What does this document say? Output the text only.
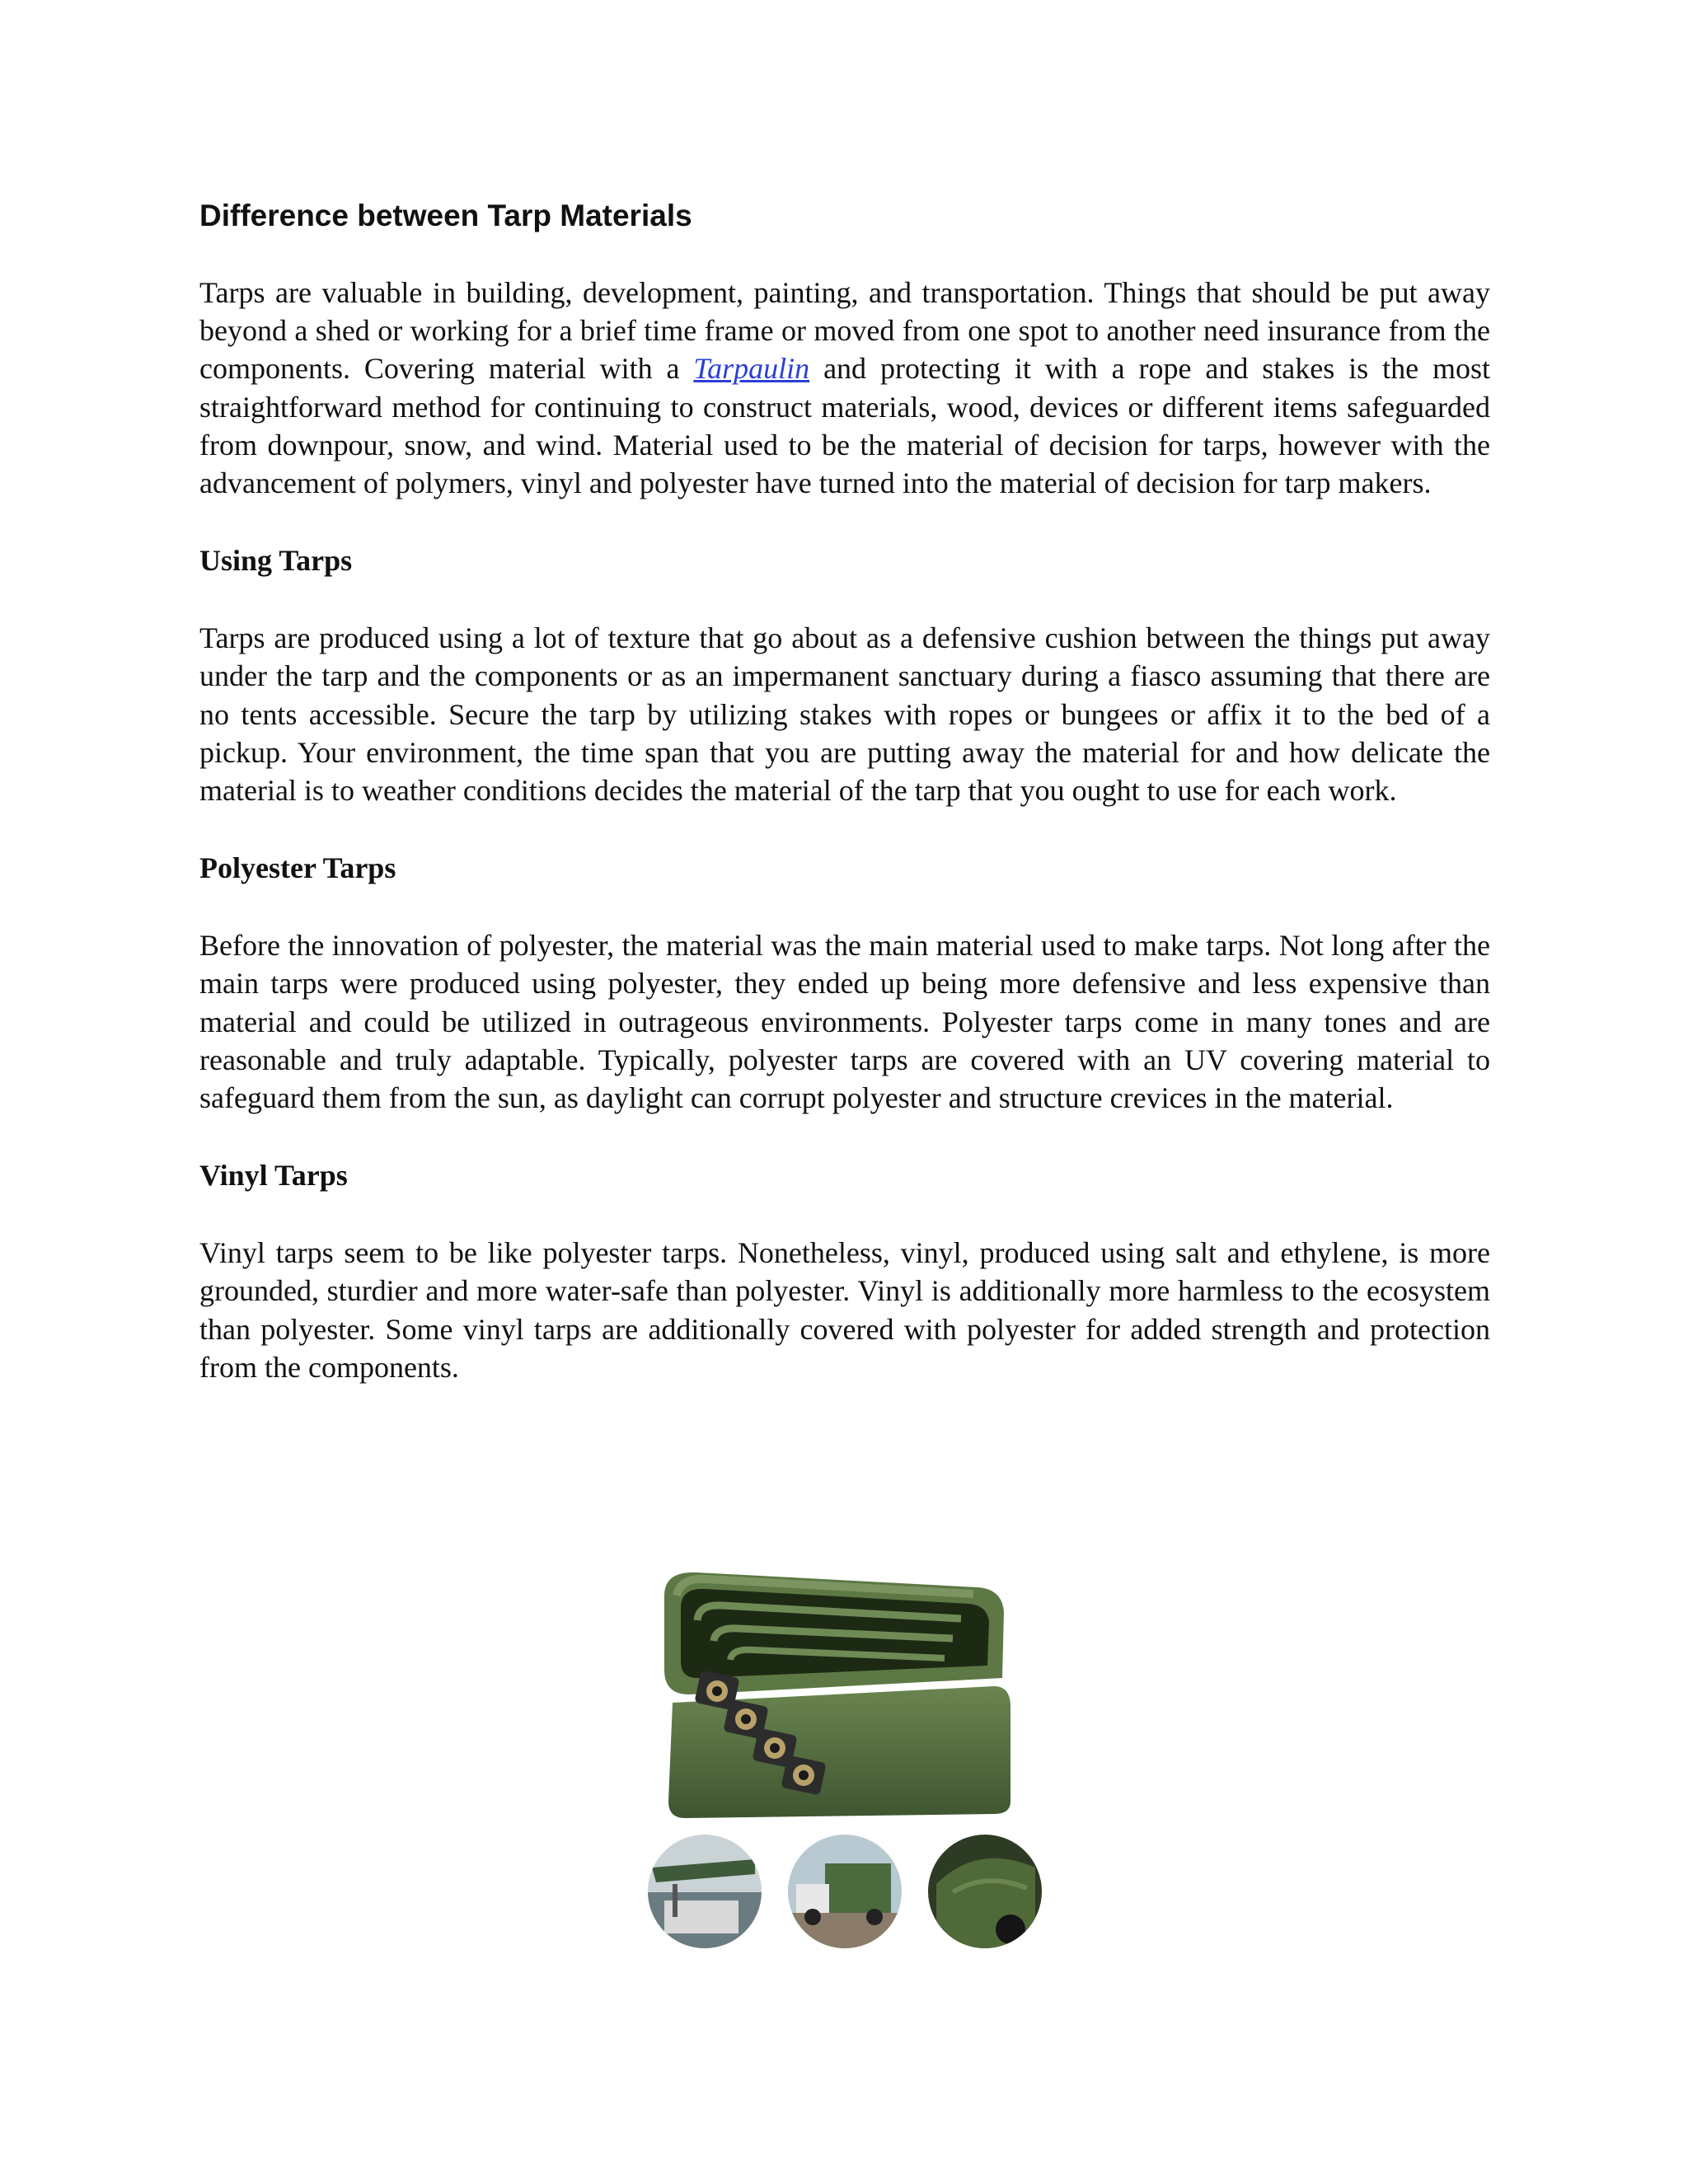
Difference between Tarp Materials

Tarps are valuable in building, development, painting, and transportation. Things that should be put away beyond a shed or working for a brief time frame or moved from one spot to another need insurance from the components. Covering material with a Tarpaulin and protecting it with a rope and stakes is the most straightforward method for continuing to construct materials, wood, devices or different items safeguarded from downpour, snow, and wind. Material used to be the material of decision for tarps, however with the advancement of polymers, vinyl and polyester have turned into the material of decision for tarp makers.

Using Tarps

Tarps are produced using a lot of texture that go about as a defensive cushion between the things put away under the tarp and the components or as an impermanent sanctuary during a fiasco assuming that there are no tents accessible. Secure the tarp by utilizing stakes with ropes or bungees or affix it to the bed of a pickup. Your environment, the time span that you are putting away the material for and how delicate the material is to weather conditions decides the material of the tarp that you ought to use for each work.

Polyester Tarps

Before the innovation of polyester, the material was the main material used to make tarps. Not long after the main tarps were produced using polyester, they ended up being more defensive and less expensive than material and could be utilized in outrageous environments. Polyester tarps come in many tones and are reasonable and truly adaptable. Typically, polyester tarps are covered with an UV covering material to safeguard them from the sun, as daylight can corrupt polyester and structure crevices in the material.

Vinyl Tarps

Vinyl tarps seem to be like polyester tarps. Nonetheless, vinyl, produced using salt and ethylene, is more grounded, sturdier and more water-safe than polyester. Vinyl is additionally more harmless to the ecosystem than polyester. Some vinyl tarps are additionally covered with polyester for added strength and protection from the components.
